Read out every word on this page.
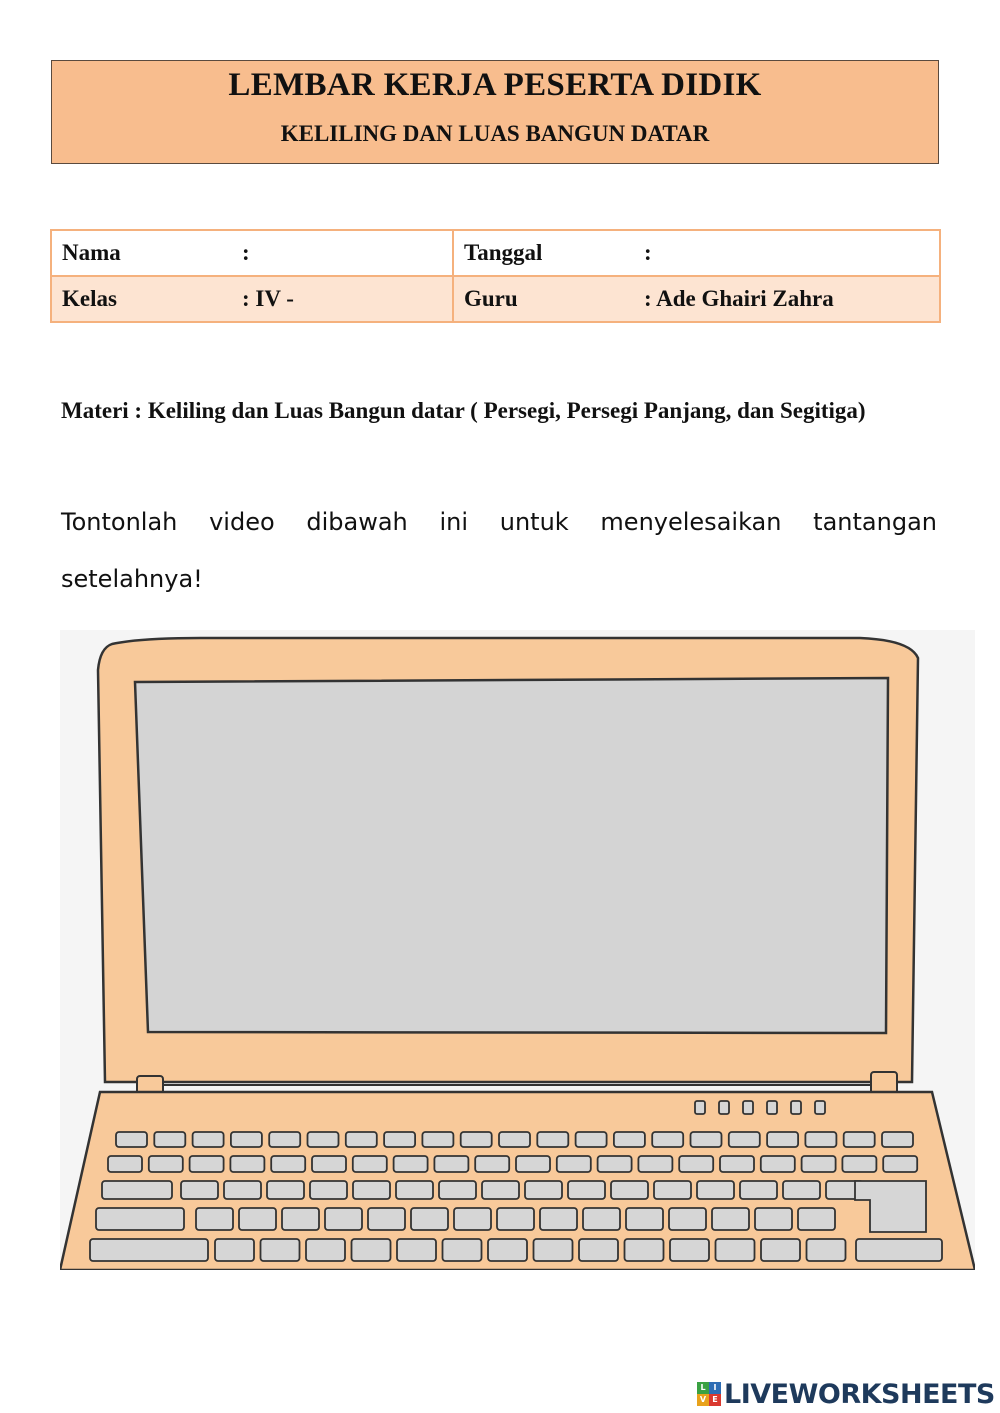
LEMBAR KERJA PESERTA DIDIK
KELILING DAN LUAS BANGUN DATAR
Nama :	Tanggal :
Kelas : IV -	Guru : Ade Ghairi Zahra
Materi : Keliling dan Luas Bangun datar ( Persegi, Persegi Panjang, dan Segitiga)
Tontonlah video dibawah ini untuk menyelesaikan tantangan setelahnya!
L I
V E LIVEWORKSHEETS
